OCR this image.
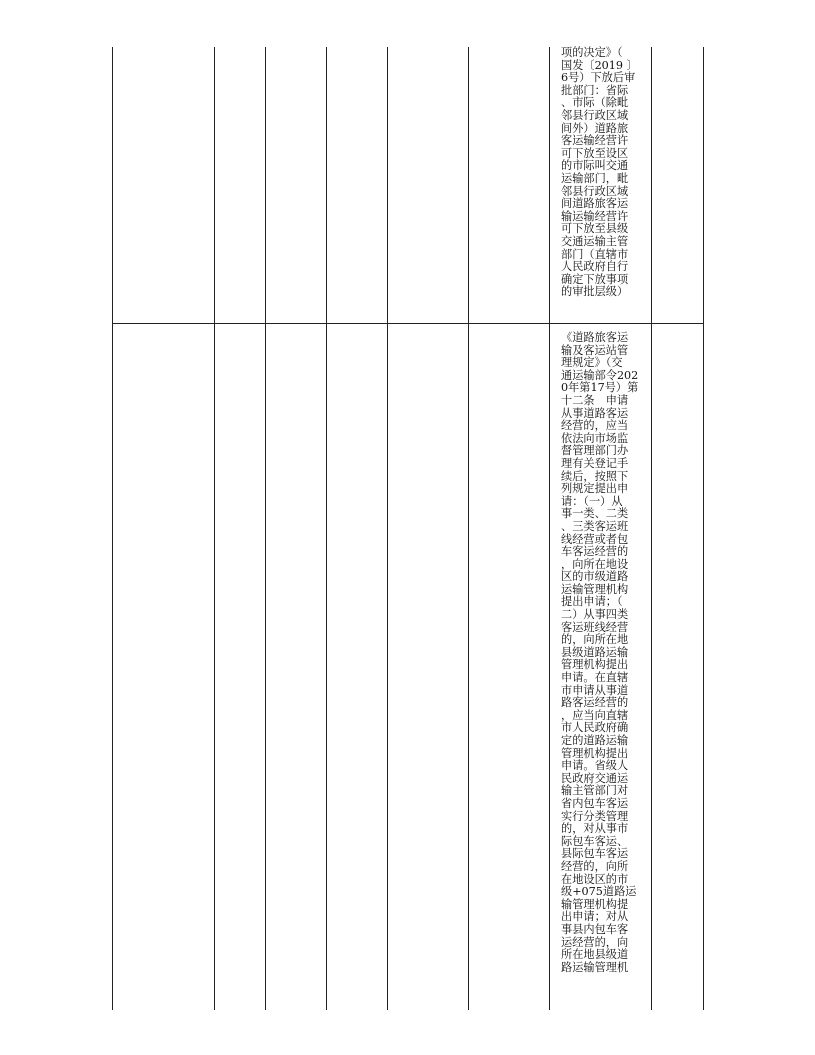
项的决定》（
国发〔2019 〕
6号）下放后审
批部门：省际
、市际（除毗
邻县行政区域
间外）道路旅
客运输经营许
可下放至设区
的市际叫交通
运输部门，毗
邻县行政区域
间道路旅客运
输运输经营许
可下放至县级
交通运输主管
部门（直辖市
人民政府自行
确定下放事项
的审批层级）
《道路旅客运
输及客运站管
理规定》（交
通运输部令202
0年第17号）第
十二条　申请
从事道路客运
经营的，应当
依法向市场监
督管理部门办
理有关登记手
续后，按照下
列规定提出申
请：（一）从
事一类、二类
、三类客运班
线经营或者包
车客运经营的
，向所在地设
区的市级道路
运输管理机构
提出申请；（
二）从事四类
客运班线经营
的，向所在地
县级道路运输
管理机构提出
申请。在直辖
市申请从事道
路客运经营的
，应当向直辖
市人民政府确
定的道路运输
管理机构提出
申请。省级人
民政府交通运
输主管部门对
省内包车客运
实行分类管理
的，对从事市
际包车客运、
县际包车客运
经营的，向所
在地设区的市
级+075道路运
输管理机构提
出申请；对从
事县内包车客
运经营的，向
所在地县级道
路运输管理机
